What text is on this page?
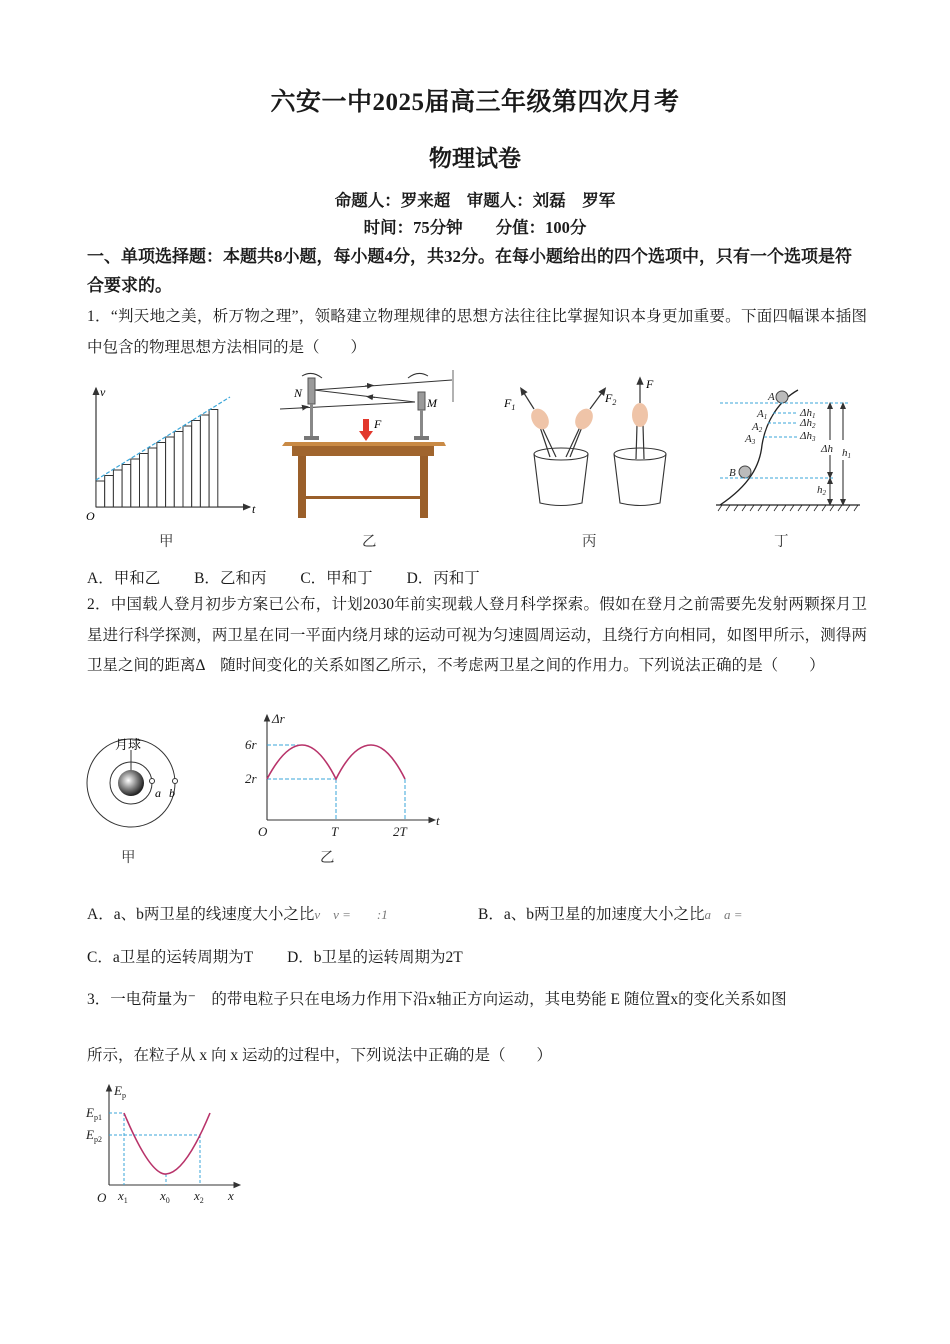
六安一中2025届高三年级第四次月考
物理试卷
命题人：罗来超　审题人：刘磊　罗军
时间：75分钟　　分值：100分
一、单项选择题：本题共8小题，每小题4分，共32分。在每小题给出的四个选项中，只有一个选项是符合要求的。
1．“判天地之美，析万物之理”，领略建立物理规律的思想方法往往比掌握知识本身更加重要。下面四幅课本插图中包含的物理思想方法相同的是（　　）
v
t
O
甲
F
N
M
乙
$F_1$
$F_2$
F
丙
A
A1
A2
A3
B
Δh1
Δh2
Δh3
Δh h1
h2
丁
A．甲和乙 B．乙和丙 C．甲和丁 D．丙和丁
2．中国载人登月初步方案已公布，计划2030年前实现载人登月科学探索。假如在登月之前需要先发射两颗探月卫星进行科学探测，两卫星在同一平面内绕月球的运动可视为匀速圆周运动，且绕行方向相同，如图甲所示，测得两卫星之间的距离Δ　随时间变化的关系如图乙所示，不考虑两卫星之间的作用力。下列说法正确的是（　　）
月球
a b
甲
Δr
6r
2r
O	T	2T
t
乙
A．a、b两卫星的线速度大小之比v　v =　　:1	B．a、b两卫星的加速度大小之比a　a =
C．a卫星的运转周期为T D．b卫星的运转周期为2T
3．一电荷量为⁻　的带电粒子只在电场力作用下沿x轴正方向运动，其电势能 E 随位置x的变化关系如图
所示，在粒子从 x 向 x 运动的过程中，下列说法中正确的是（　　）
$E_p$
$E_{p1}$
$E_{p2}$
O $x_1$ $x_0$ $x_2$ x
